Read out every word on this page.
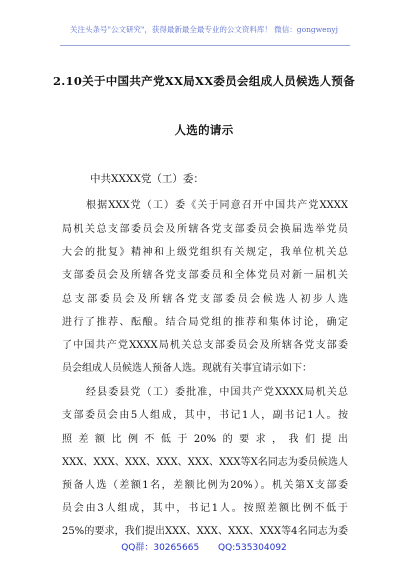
关注头条号"公文研究"，获得最新最全最专业的公文资料库！ 微信：gongwenyj
2.10关于中国共产党XX局XX委员会组成人员候选人预备
人选的请示
中共XXXX党（工）委：
根据XXX党（工）委《关于同意召开中国共产党XXXX
局机关总支部委员会及所辖各党支部委员会换届选举党员
大会的批复》精神和上级党组织有关规定，我单位机关总
支部委员会及所辖各党支部委员和全体党员对新一届机关
总支部委员会及所辖各党支部委员会候选人初步人选
进行了推荐、酝酿。结合局党组的推荐和集体讨论，确定
了中国共产党XXXX局机关总支部委员会及所辖各党支部委
员会组成人员候选人预备人选。现就有关事宜请示如下：
经县委县党（工）委批准，中国共产党XXXX局机关总
支部委员会由5人组成，其中，书记1人，副书记1人。按
照差额比例不低于20%的要求，我们提出
XXX、XXX、XXX、XXX、XXX、XXX等X名同志为委员候选人
预备人选（差额1名，差额比例为20%）。机关第X支部委
员会由3人组成，其中，书记1人。按照差额比例不低于
25%的要求，我们提出XXX、XXX、XXX、XXX等4名同志为委
QQ群：30265665 QQ:535304092
